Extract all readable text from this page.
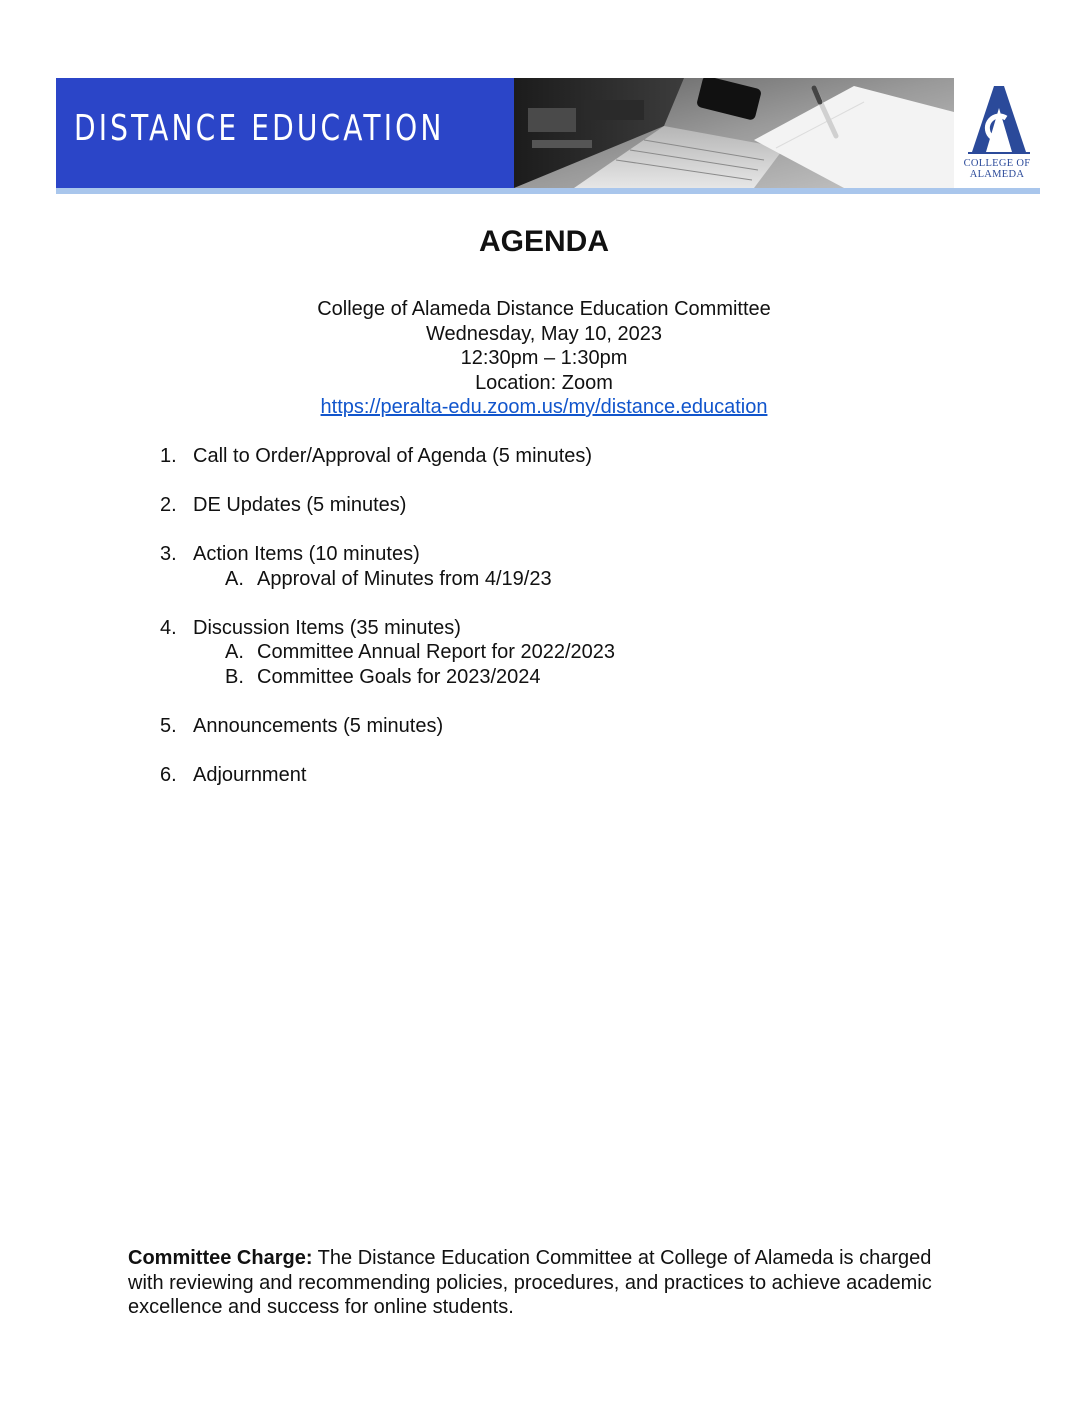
DISTANCE EDUCATION
COLLEGE OF
ALAMEDA
AGENDA
College of Alameda Distance Education Committee
Wednesday, May 10, 2023
12:30pm – 1:30pm
Location: Zoom
https://peralta-edu.zoom.us/my/distance.education
1. Call to Order/Approval of Agenda (5 minutes)
2. DE Updates (5 minutes)
3. Action Items (10 minutes)
A. Approval of Minutes from 4/19/23
4. Discussion Items (35 minutes)
A. Committee Annual Report for 2022/2023
B. Committee Goals for 2023/2024
5. Announcements (5 minutes)
6. Adjournment
Committee Charge: The Distance Education Committee at College of Alameda is charged with reviewing and recommending policies, procedures, and practices to achieve academic excellence and success for online students.
